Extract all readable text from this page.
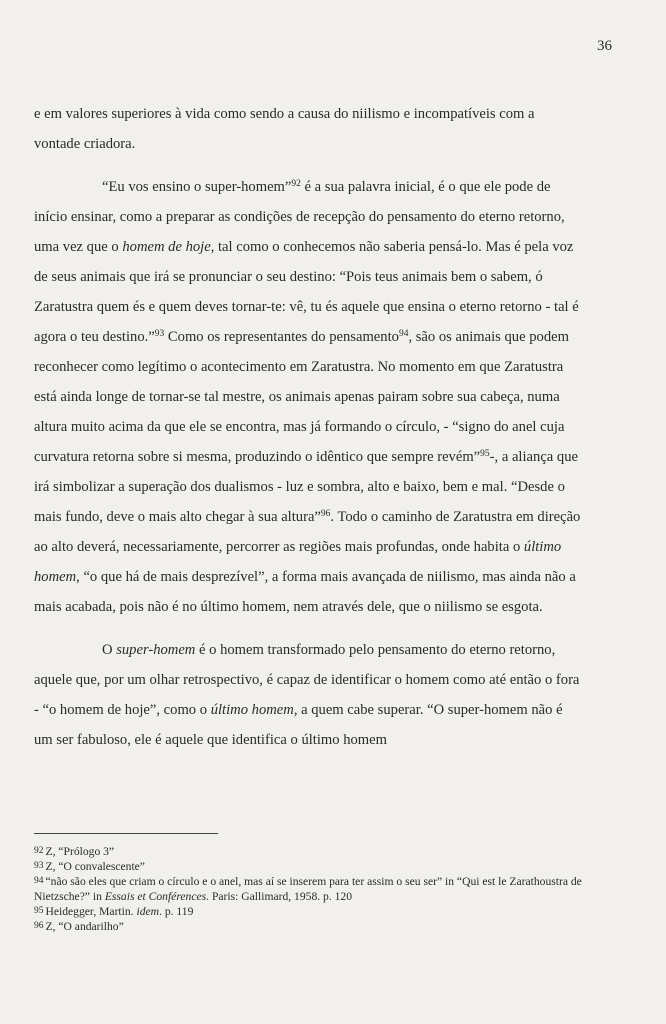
36

e em valores superiores à vida como sendo a causa do niilismo e incompatíveis com a vontade criadora.

“Eu vos ensino o super-homem”$^{92}$ é a sua palavra inicial, é o que ele pode de início ensinar, como a preparar as condições de recepção do pensamento do eterno retorno, uma vez que o homem de hoje, tal como o conhecemos não saberia pensá-lo. Mas é pela voz de seus animais que irá se pronunciar o seu destino: “Pois teus animais bem o sabem, ó Zaratustra quem és e quem deves tornar-te: vê, tu és aquele que ensina o eterno retorno - tal é agora o teu destino.”$^{93}$ Como os representantes do pensamento$^{94}$, são os animais que podem reconhecer como legítimo o acontecimento em Zaratustra. No momento em que Zaratustra está ainda longe de tornar-se tal mestre, os animais apenas pairam sobre sua cabeça, numa altura muito acima da que ele se encontra, mas já formando o círculo, - “signo do anel cuja curvatura retorna sobre si mesma, produzindo o idêntico que sempre revém”$^{95}$-, a aliança que irá simbolizar a superação dos dualismos - luz e sombra, alto e baixo, bem e mal. “Desde o mais fundo, deve o mais alto chegar à sua altura”$^{96}$. Todo o caminho de Zaratustra em direção ao alto deverá, necessariamente, percorrer as regiões mais profundas, onde habita o último homem, “o que há de mais desprezível”, a forma mais avançada de niilismo, mas ainda não a mais acabada, pois não é no último homem, nem através dele, que o niilismo se esgota.

O super-homem é o homem transformado pelo pensamento do eterno retorno, aquele que, por um olhar retrospectivo, é capaz de identificar o homem como até então o fora - “o homem de hoje”, como o último homem, a quem cabe superar. “O super-homem não é um ser fabuloso, ele é aquele que identifica o último homem

92 Z, “Prólogo 3”
93 Z, “O convalescente”
94 “não são eles que criam o círculo e o anel, mas aí se inserem para ter assim o seu ser” in “Qui est le Zarathoustra de Nietzsche?” in Essais et Conférences. Paris: Gallimard, 1958. p. 120
95 Heidegger, Martin. idem. p. 119
96 Z, “O andarilho”
